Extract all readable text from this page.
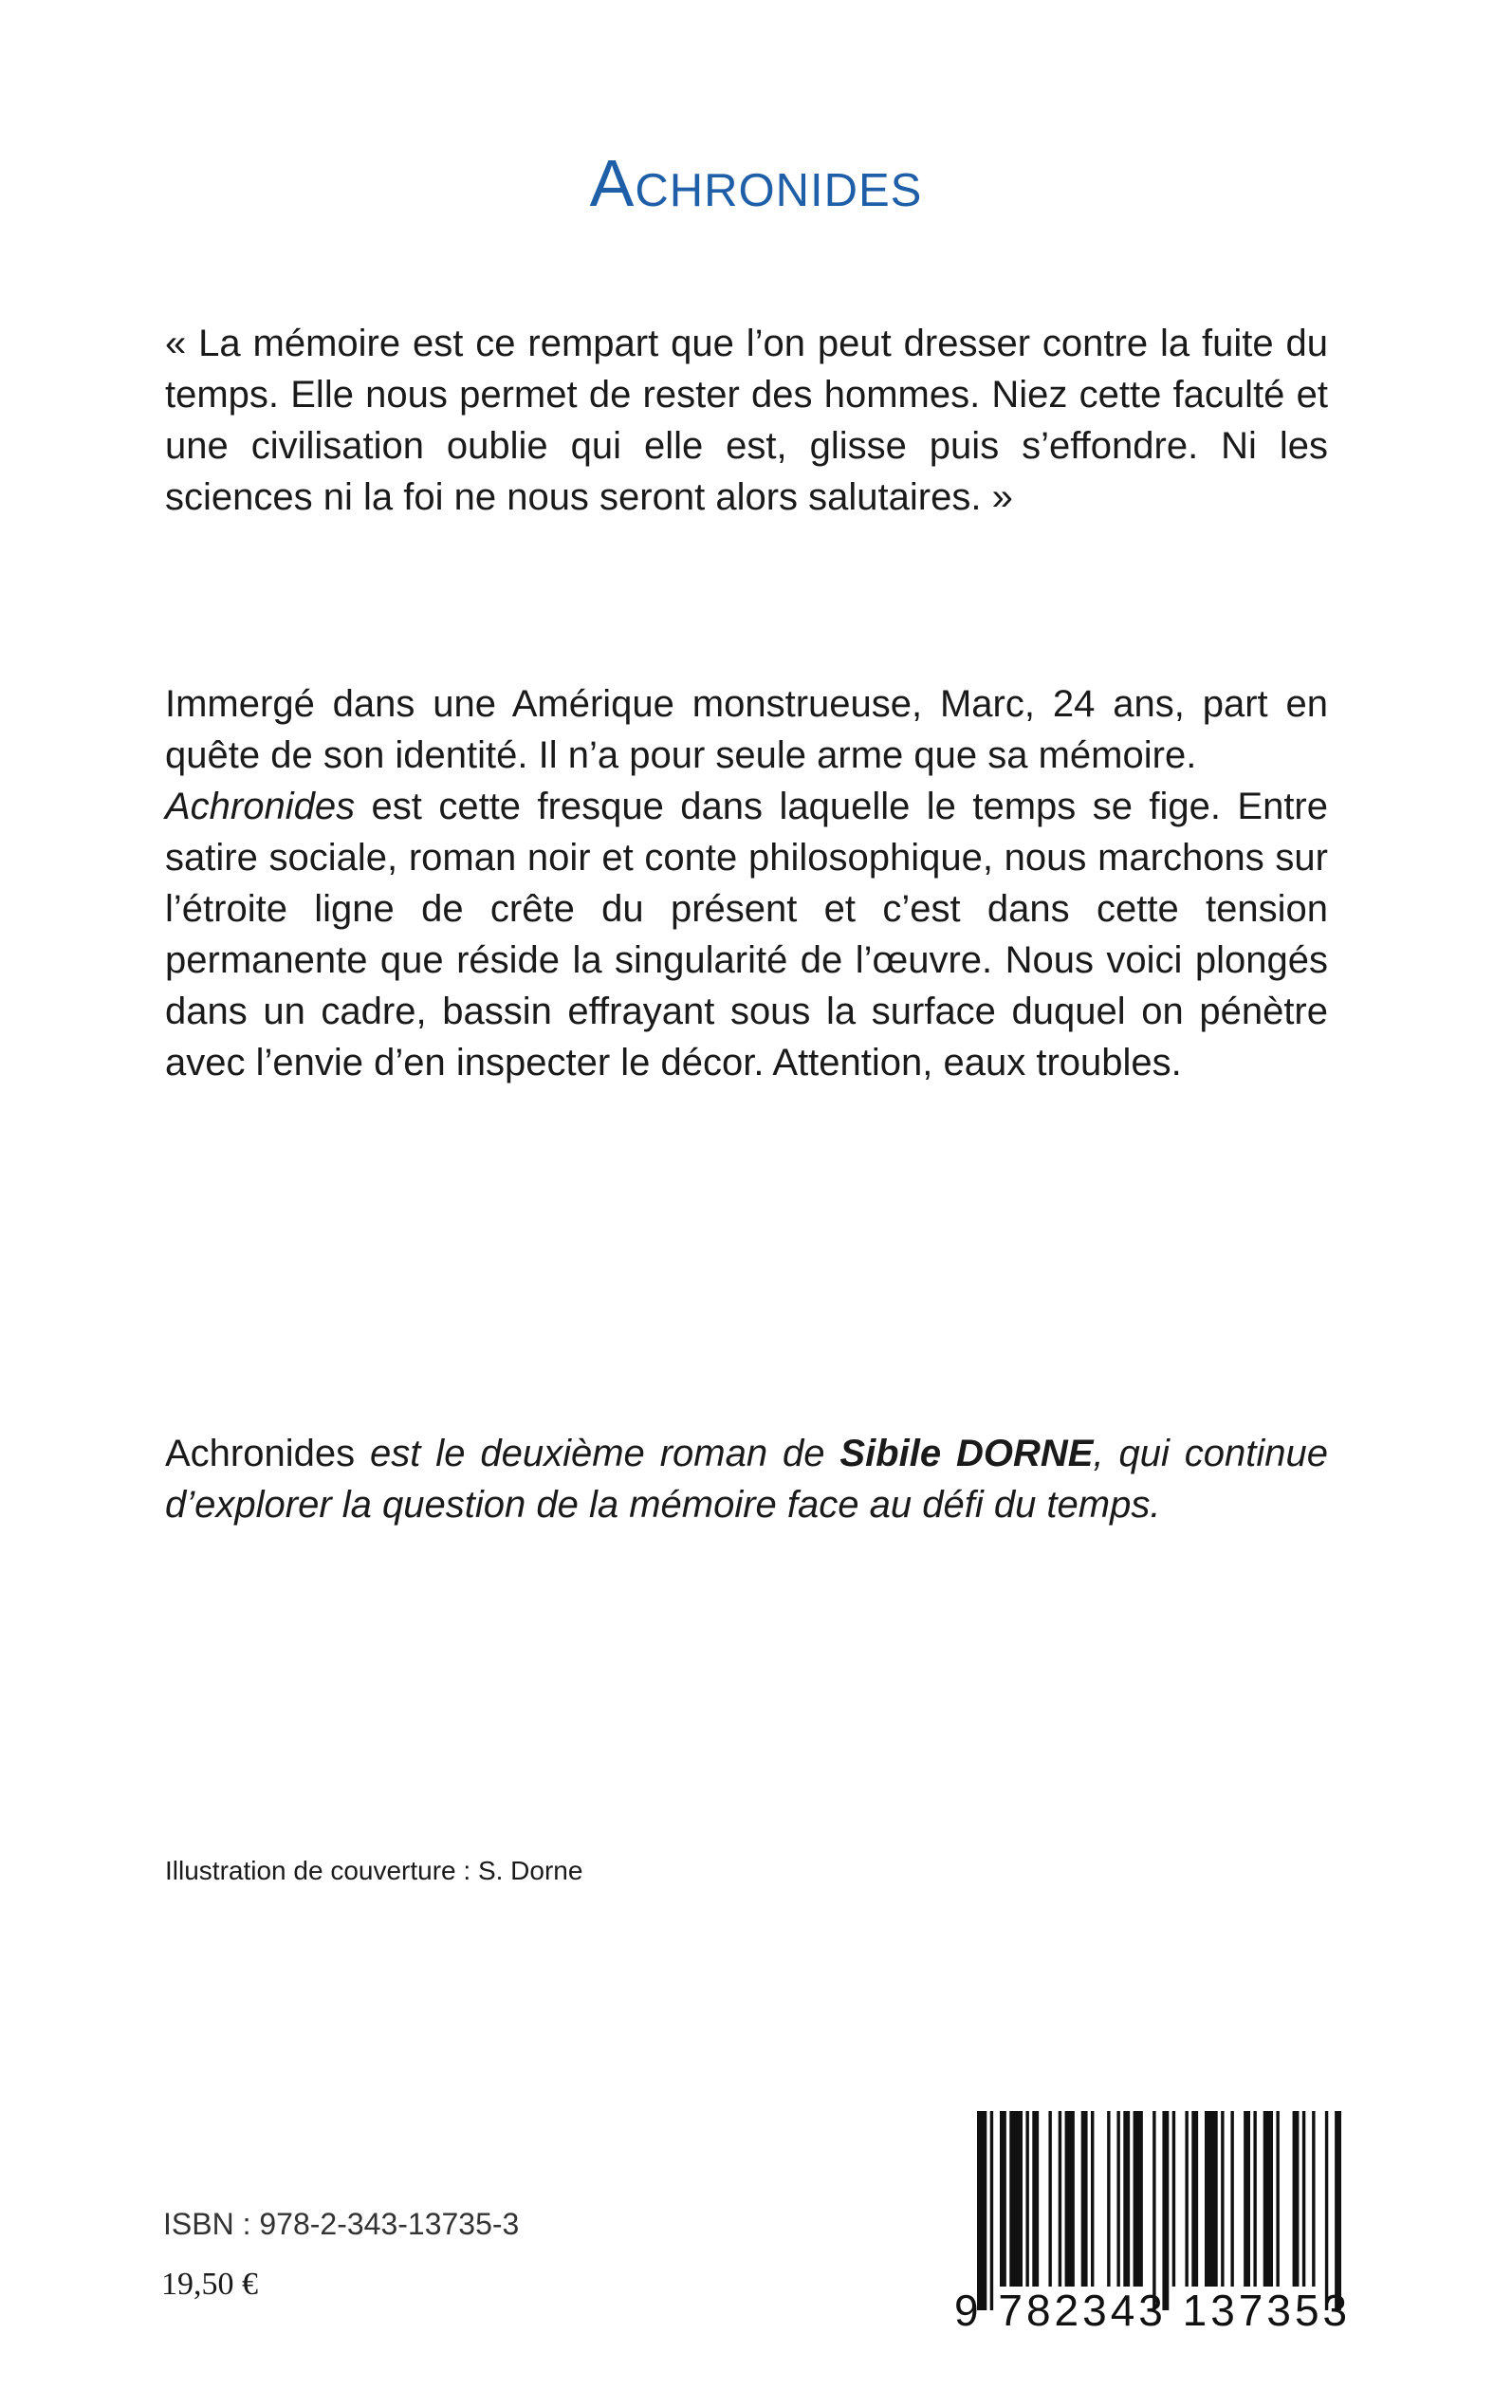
Achronides
« La mémoire est ce rempart que l’on peut dresser contre la fuite du temps. Elle nous permet de rester des hommes. Niez cette faculté et une civilisation oublie qui elle est, glisse puis s’effondre. Ni les sciences ni la foi ne nous seront alors salutaires. »

Immergé dans une Amérique monstrueuse, Marc, 24 ans, part en quête de son identité. Il n’a pour seule arme que sa mémoire.

Achronides est cette fresque dans laquelle le temps se fige. Entre satire sociale, roman noir et conte philosophique, nous marchons sur l’étroite ligne de crête du présent et c’est dans cette tension permanente que réside la singularité de l’œuvre. Nous voici plongés dans un cadre, bassin effrayant sous la surface duquel on pénètre avec l’envie d’en inspecter le décor. Attention, eaux troubles.

Achronides est le deuxième roman de Sibile DORNE, qui continue d’explorer la question de la mémoire face au défi du temps.
Illustration de couverture : S. Dorne
ISBN : 978-2-343-13735-3
19,50 €
9 782343 137353
